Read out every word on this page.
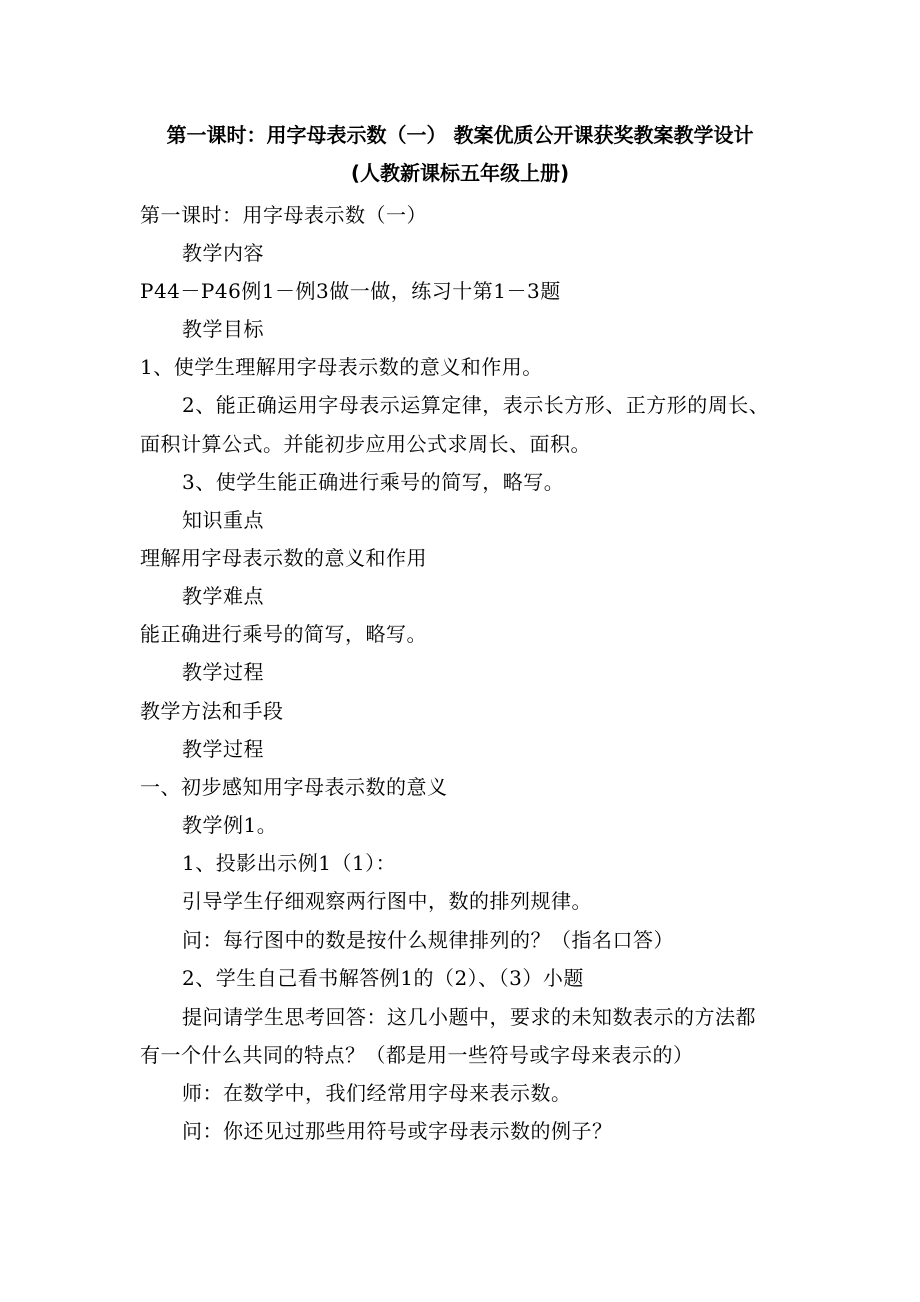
第一课时：用字母表示数（一） 教案优质公开课获奖教案教学设计
(人教新课标五年级上册)
第一课时：用字母表示数（一）
教学内容
P44－P46例1－例3做一做，练习十第1－3题
教学目标
1、使学生理解用字母表示数的意义和作用。
2、能正确运用字母表示运算定律，表示长方形、正方形的周长、
面积计算公式。并能初步应用公式求周长、面积。
3、使学生能正确进行乘号的简写，略写。
知识重点
理解用字母表示数的意义和作用
教学难点
能正确进行乘号的简写，略写。
教学过程
教学方法和手段
教学过程
一、初步感知用字母表示数的意义
教学例1。
1、投影出示例1（1）：
引导学生仔细观察两行图中，数的排列规律。
问：每行图中的数是按什么规律排列的？（指名口答）
2、学生自己看书解答例1的（2）、（3）小题
提问请学生思考回答：这几小题中，要求的未知数表示的方法都
有一个什么共同的特点？（都是用一些符号或字母来表示的）
师：在数学中，我们经常用字母来表示数。
问：你还见过那些用符号或字母表示数的例子？
